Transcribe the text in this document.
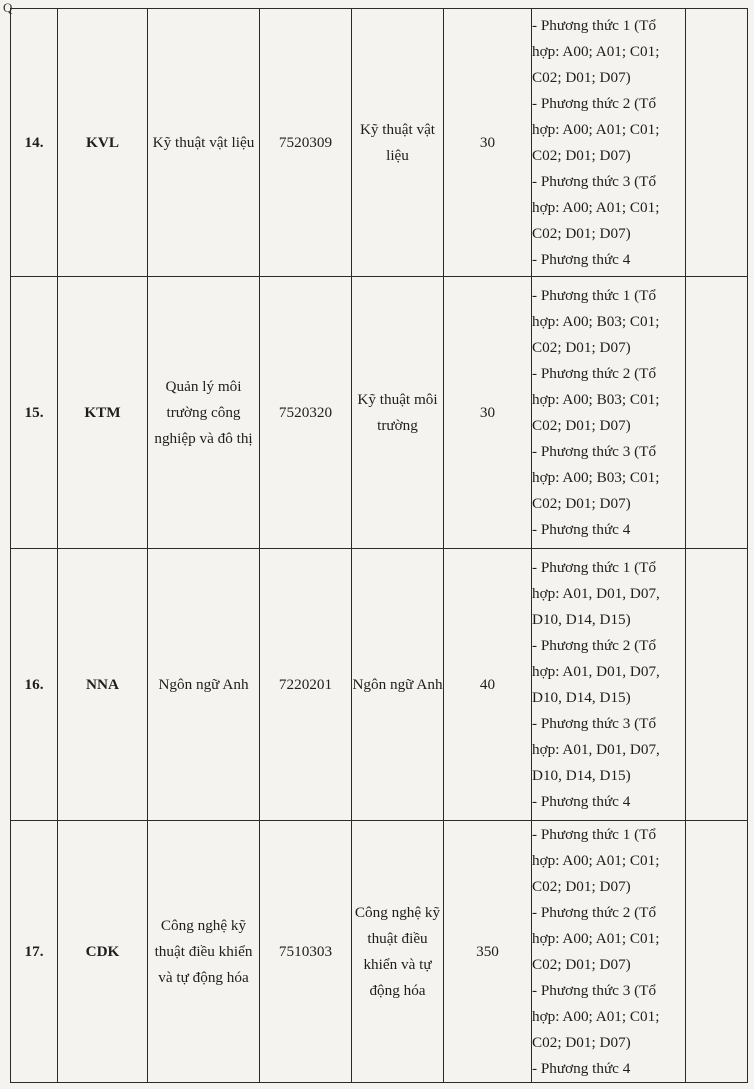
Q
14.	KVL	Kỹ thuật vật liệu	7520309	Kỹ thuật vật liệu	30	- Phương thức 1 (Tổ hợp: A00; A01; C01; C02; D01; D07)
- Phương thức 2 (Tổ hợp: A00; A01; C01; C02; D01; D07)
- Phương thức 3 (Tổ hợp: A00; A01; C01; C02; D01; D07)
- Phương thức 4	

15.	KTM	Quản lý môi trường công nghiệp và đô thị	7520320	Kỹ thuật môi trường	30	- Phương thức 1 (Tổ hợp: A00; B03; C01; C02; D01; D07)
- Phương thức 2 (Tổ hợp: A00; B03; C01; C02; D01; D07)
- Phương thức 3 (Tổ hợp: A00; B03; C01; C02; D01; D07)
- Phương thức 4	

16.	NNA	Ngôn ngữ Anh	7220201	Ngôn ngữ Anh	40	- Phương thức 1 (Tổ hợp: A01, D01, D07, D10, D14, D15)
- Phương thức 2 (Tổ hợp: A01, D01, D07, D10, D14, D15)
- Phương thức 3 (Tổ hợp: A01, D01, D07, D10, D14, D15)
- Phương thức 4	

17.	CDK	Công nghệ kỹ thuật điều khiển và tự động hóa	7510303	Công nghệ kỹ thuật điều khiển và tự động hóa	350	- Phương thức 1 (Tổ hợp: A00; A01; C01; C02; D01; D07)
- Phương thức 2 (Tổ hợp: A00; A01; C01; C02; D01; D07)
- Phương thức 3 (Tổ hợp: A00; A01; C01; C02; D01; D07)
- Phương thức 4	
